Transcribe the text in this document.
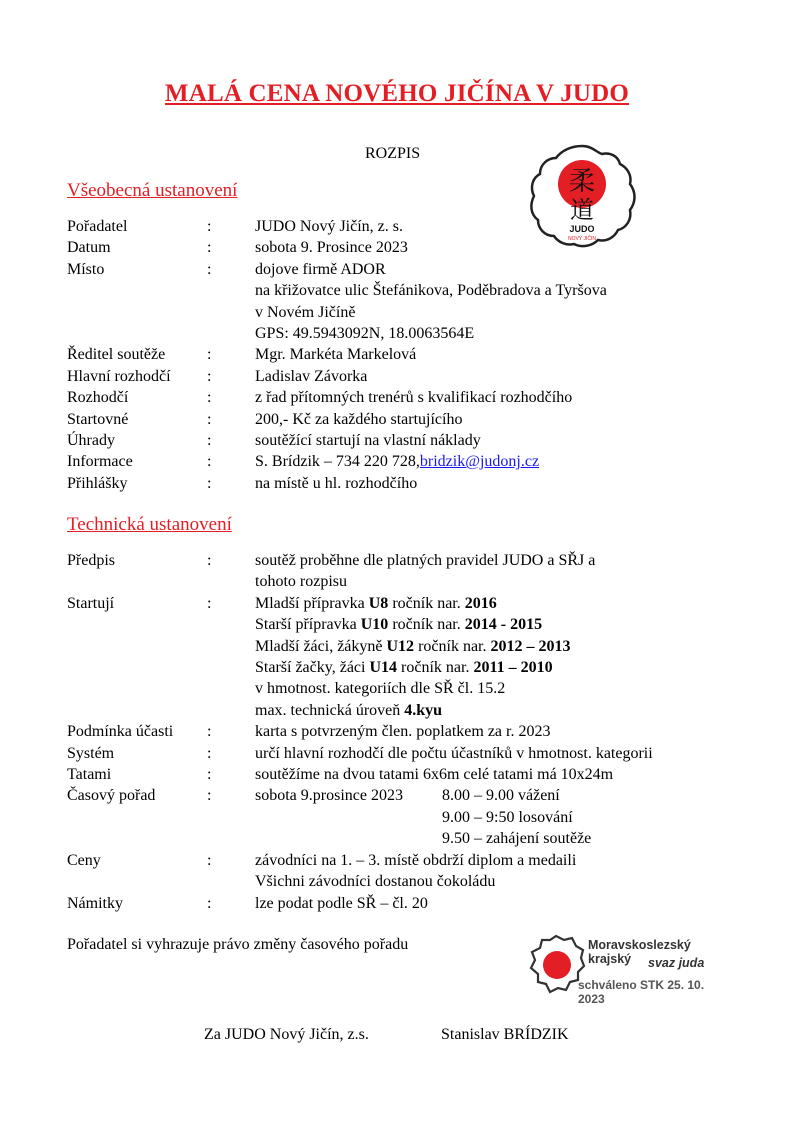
MALÁ CENA NOVÉHO JIČÍNA V JUDO
ROZPIS
柔
道
JUDO
NOVÝ JIČÍN
Všeobecná ustanovení
Pořadatel	:	JUDO Nový Jičín, z. s.
Datum	:	sobota 9. Prosince 2023
Místo	:	dojove firmě ADOR
na křižovatce ulic Štefánikova, Poděbradova a Tyršova
v Novém Jičíně
GPS: 49.5943092N, 18.0063564E
Ředitel soutěže	:	Mgr. Markéta Markelová
Hlavní rozhodčí	:	Ladislav Závorka
Rozhodčí	:	z řad přítomných trenérů s kvalifikací rozhodčího
Startovné	:	200,- Kč za každého startujícího
Úhrady	:	soutěžící startují na vlastní náklady
Informace	:	S. Brídzik – 734 220 728,bridzik@judonj.cz
Přihlášky	:	na místě u hl. rozhodčího
Technická ustanovení
Předpis	:	soutěž proběhne dle platných pravidel JUDO a SŘJ a
tohoto rozpisu
Startují	:	Mladší přípravka U8 ročník nar. 2016
Starší přípravka U10 ročník nar. 2014 - 2015
Mladší žáci, žákyně U12 ročník nar. 2012 – 2013
Starší žačky, žáci U14 ročník nar. 2011 – 2010
v hmotnost. kategoriích dle SŘ čl. 15.2
max. technická úroveň 4.kyu
Podmínka účasti	:	karta s potvrzeným člen. poplatkem za r. 2023
Systém	:	určí hlavní rozhodčí dle počtu účastníků v hmotnost. kategorii
Tatami	:	soutěžíme na dvou tatami 6x6m celé tatami má 10x24m
Časový pořad	:	sobota 9.prosince 2023	8.00 – 9.00 vážení
9.00 – 9:50 losování
9.50 – zahájení soutěže
Ceny	:	závodníci na 1. – 3. místě obdrží diplom a medaili
Všichni závodníci dostanou čokoládu
Námitky	:	lze podat podle SŘ – čl. 20
Pořadatel si vyhrazuje právo změny časového pořadu	Moravskoslezský krajský	svaz juda
schváleno STK 25. 10. 2023
Za JUDO Nový Jičín, z.s.	Stanislav BRÍDZIK
